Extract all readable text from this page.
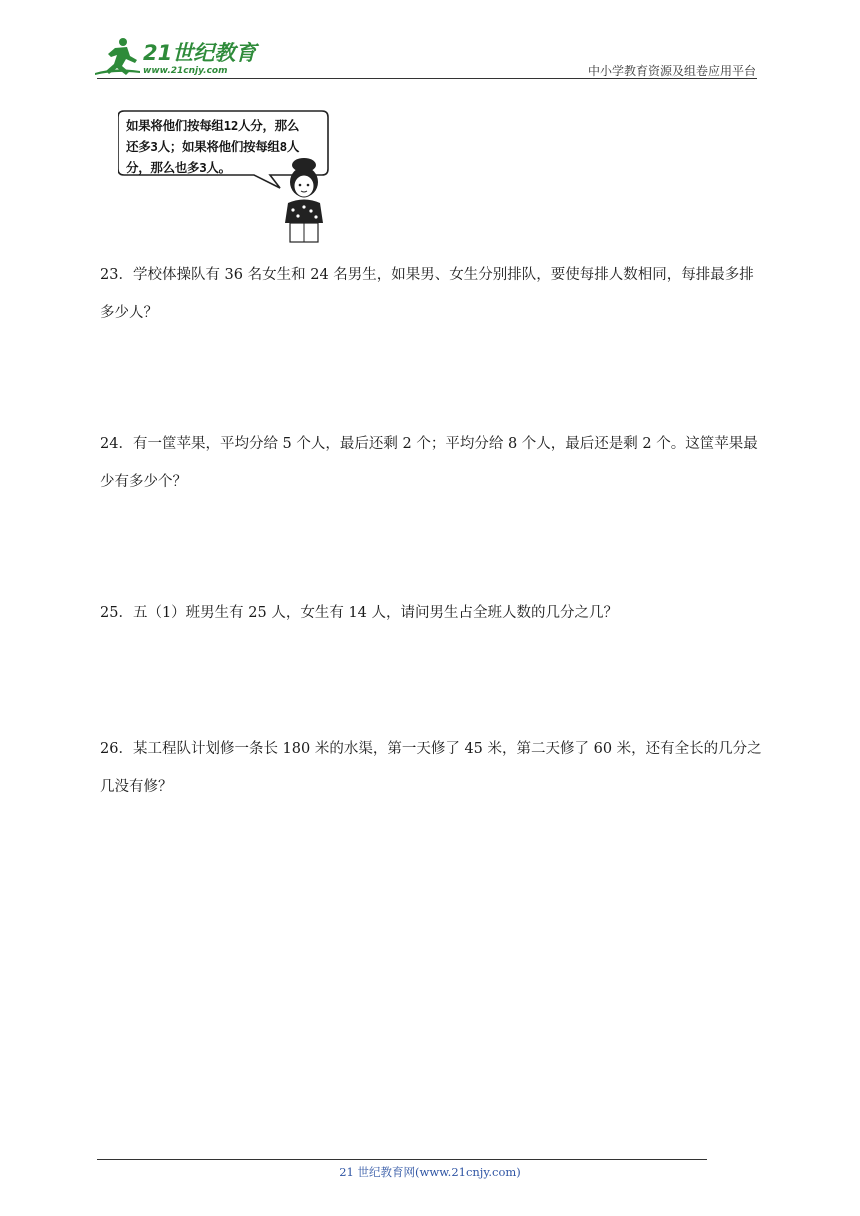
21世纪教育
www.21cnjy.com	中小学教育资源及组卷应用平台
如果将他们按每组12人分，那么
还多3人；如果将他们按每组8人
分，那么也多3人。
23．学校体操队有 36 名女生和 24 名男生，如果男、女生分别排队，要使每排人数相同，每排最多排多少人？
24．有一筐苹果，平均分给 5 个人，最后还剩 2 个；平均分给 8 个人，最后还是剩 2 个。这筐苹果最少有多少个？
25．五（1）班男生有 25 人，女生有 14 人，请问男生占全班人数的几分之几？
26．某工程队计划修一条长 180 米的水渠，第一天修了 45 米，第二天修了 60 米，还有全长的几分之几没有修？
21 世纪教育网(www.21cnjy.com)
